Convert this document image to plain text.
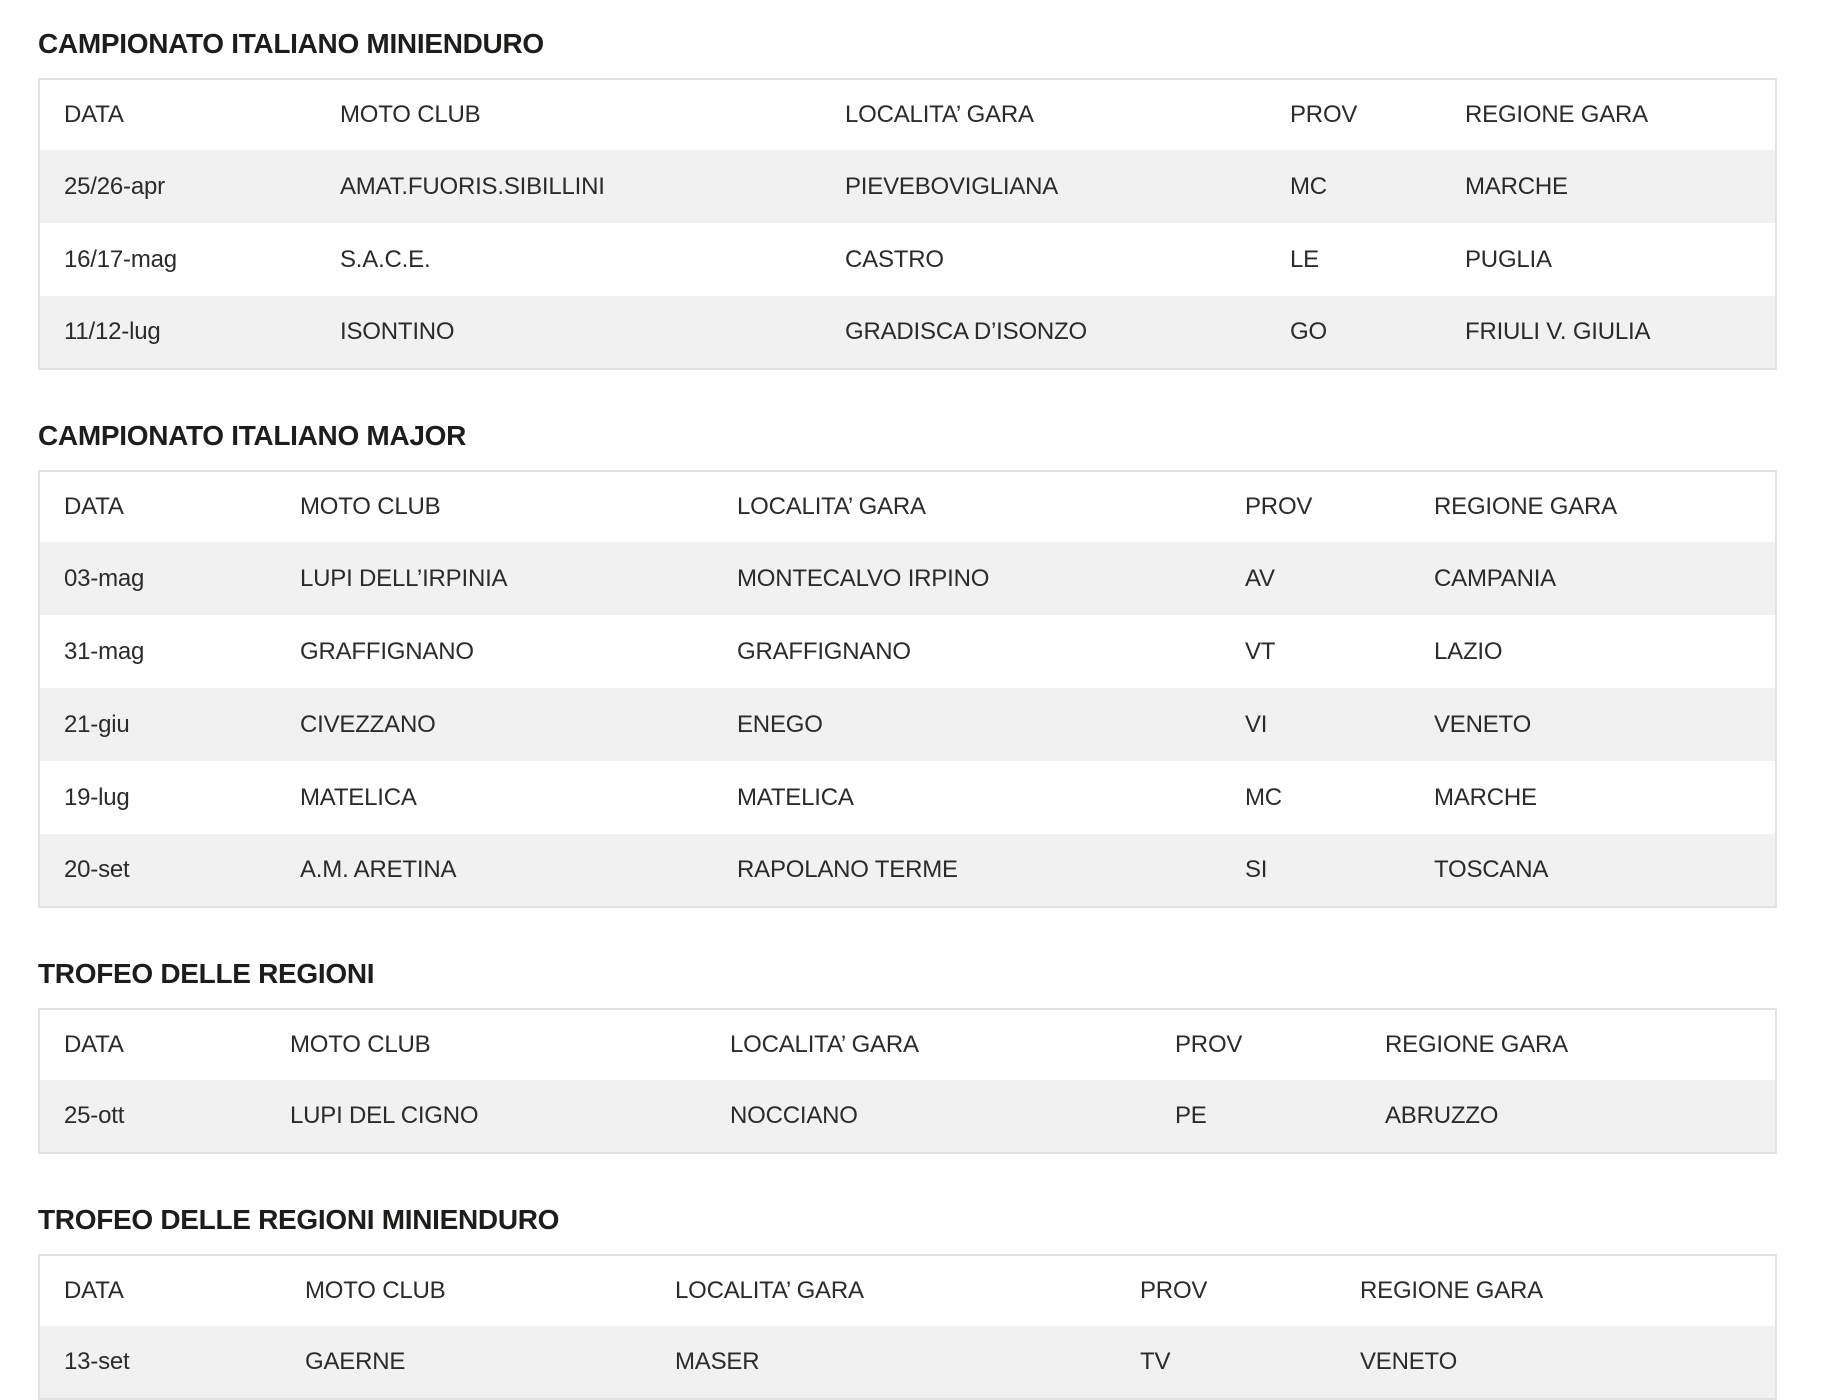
CAMPIONATO ITALIANO MINIENDURO
DATA	MOTO CLUB	LOCALITA’ GARA	PROV	REGIONE GARA
25/26-apr	AMAT.FUORIS.SIBILLINI	PIEVEBOVIGLIANA	MC	MARCHE
16/17-mag	S.A.C.E.	CASTRO	LE	PUGLIA
11/12-lug	ISONTINO	GRADISCA D’ISONZO	GO	FRIULI V. GIULIA
CAMPIONATO ITALIANO MAJOR
DATA	MOTO CLUB	LOCALITA’ GARA	PROV	REGIONE GARA
03-mag	LUPI DELL’IRPINIA	MONTECALVO IRPINO	AV	CAMPANIA
31-mag	GRAFFIGNANO	GRAFFIGNANO	VT	LAZIO
21-giu	CIVEZZANO	ENEGO	VI	VENETO
19-lug	MATELICA	MATELICA	MC	MARCHE
20-set	A.M. ARETINA	RAPOLANO TERME	SI	TOSCANA
TROFEO DELLE REGIONI
DATA	MOTO CLUB	LOCALITA’ GARA	PROV	REGIONE GARA
25-ott	LUPI DEL CIGNO	NOCCIANO	PE	ABRUZZO
TROFEO DELLE REGIONI MINIENDURO
DATA	MOTO CLUB	LOCALITA’ GARA	PROV	REGIONE GARA
13-set	GAERNE	MASER	TV	VENETO
